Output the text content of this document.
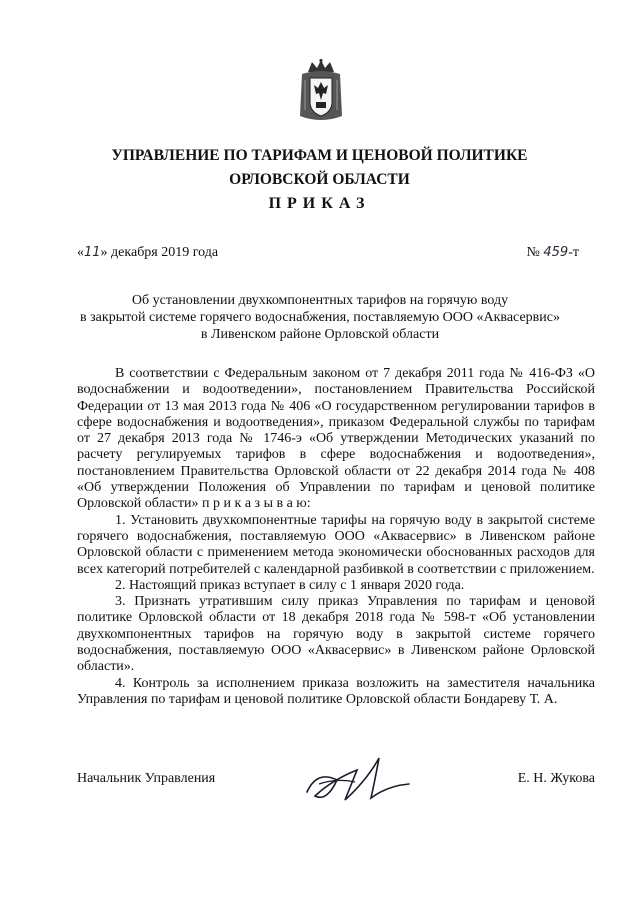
УПРАВЛЕНИЕ ПО ТАРИФАМ И ЦЕНОВОЙ ПОЛИТИКЕ
ОРЛОВСКОЙ ОБЛАСТИ
ПРИКАЗ
«11» декабря 2019 года	№ 459-т
Об установлении двухкомпонентных тарифов на горячую воду
в закрытой системе горячего водоснабжения, поставляемую ООО «Аквасервис»
в Ливенском районе Орловской области

В соответствии с Федеральным законом от 7 декабря 2011 года № 416-ФЗ «О водоснабжении и водоотведении», постановлением Правительства Российской Федерации от 13 мая 2013 года № 406 «О государственном регулировании тарифов в сфере водоснабжения и водоотведения», приказом Федеральной службы по тарифам от 27 декабря 2013 года № 1746-э «Об утверждении Методических указаний по расчету регулируемых тарифов в сфере водоснабжения и водоотведения», постановлением Правительства Орловской области от 22 декабря 2014 года № 408 «Об утверждении Положения об Управлении по тарифам и ценовой политике Орловской области» п р и к а з ы в а ю:

1. Установить двухкомпонентные тарифы на горячую воду в закрытой системе горячего водоснабжения, поставляемую ООО «Аквасервис» в Ливенском районе Орловской области с применением метода экономически обоснованных расходов для всех категорий потребителей с календарной разбивкой в соответствии с приложением.

2. Настоящий приказ вступает в силу с 1 января 2020 года.

3. Признать утратившим силу приказ Управления по тарифам и ценовой политике Орловской области от 18 декабря 2018 года № 598-т «Об установлении двухкомпонентных тарифов на горячую воду в закрытой системе горячего водоснабжения, поставляемую ООО «Аквасервис» в Ливенском районе Орловской области».

4. Контроль за исполнением приказа возложить на заместителя начальника Управления по тарифам и ценовой политике Орловской области Бондареву Т. А.

Начальник Управления	Е. Н. Жукова
